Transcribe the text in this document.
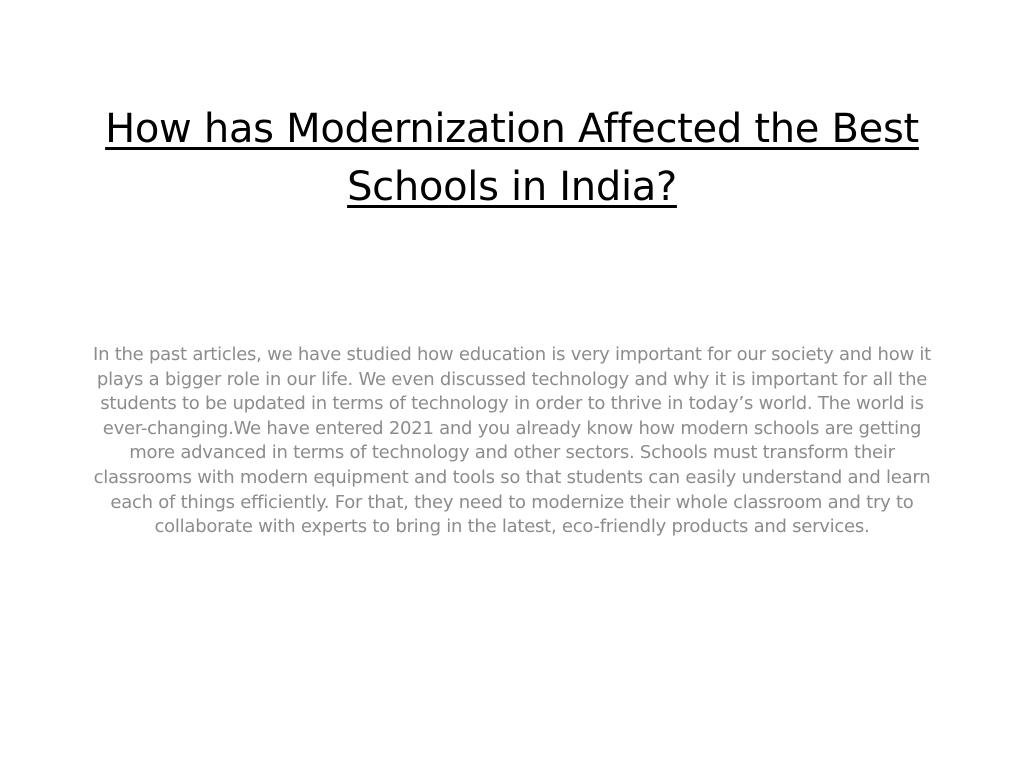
How has Modernization Affected the Best Schools in India?

In the past articles, we have studied how education is very important for our society and how it plays a bigger role in our life. We even discussed technology and why it is important for all the students to be updated in terms of technology in order to thrive in today’s world. The world is ever-changing.We have entered 2021 and you already know how modern schools are getting more advanced in terms of technology and other sectors. Schools must transform their classrooms with modern equipment and tools so that students can easily understand and learn each of things efficiently. For that, they need to modernize their whole classroom and try to collaborate with experts to bring in the latest, eco-friendly products and services.
